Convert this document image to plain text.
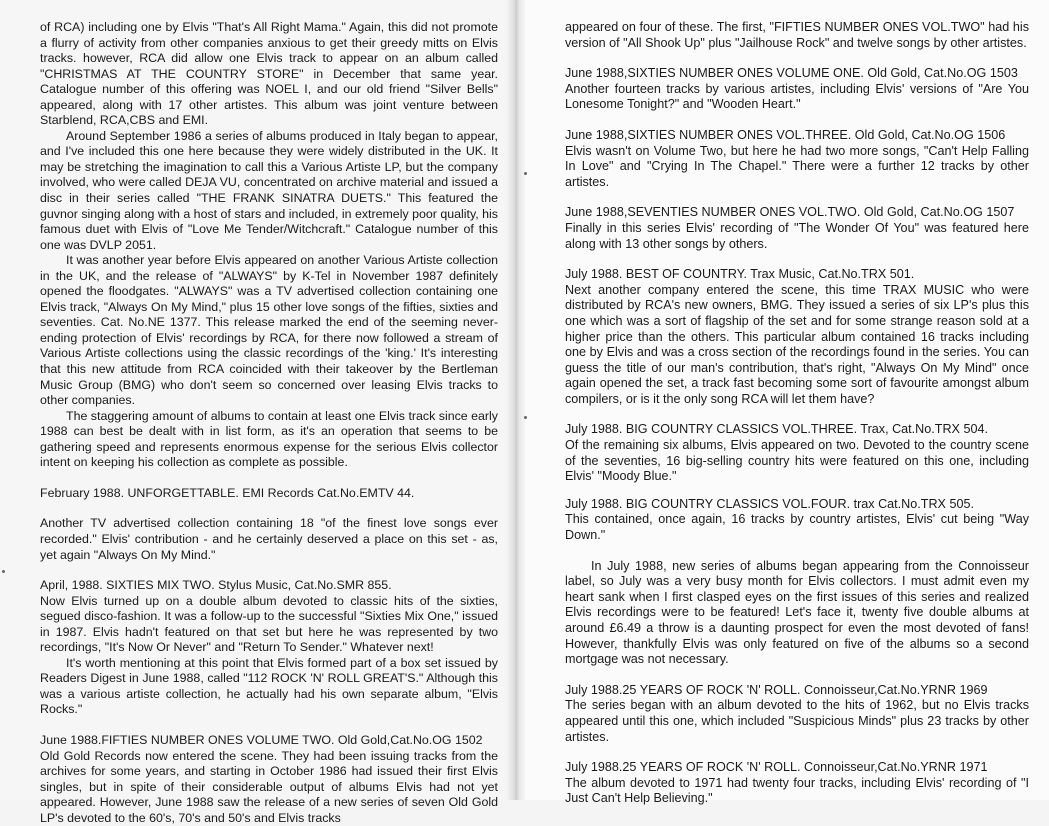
of RCA) including one by Elvis "That's All Right Mama." Again, this did not promote a flurry of activity from other companies anxious to get their greedy mitts on Elvis tracks. however, RCA did allow one Elvis track to appear on an album called "CHRISTMAS AT THE COUNTRY STORE" in December that same year. Catalogue number of this offering was NOEL I, and our old friend "Silver Bells" appeared, along with 17 other artistes. This album was joint venture between Starblend, RCA,CBS and EMI.

Around September 1986 a series of albums produced in Italy began to appear, and I've included this one here because they were widely distributed in the UK. It may be stretching the imagination to call this a Various Artiste LP, but the company involved, who were called DEJA VU, concentrated on archive material and issued a disc in their series called "THE FRANK SINATRA DUETS." This featured the guvnor singing along with a host of stars and included, in extremely poor quality, his famous duet with Elvis of "Love Me Tender/Witchcraft." Catalogue number of this one was DVLP 2051.

It was another year before Elvis appeared on another Various Artiste collection in the UK, and the release of "ALWAYS" by K-Tel in November 1987 definitely opened the floodgates. "ALWAYS" was a TV advertised collection containing one Elvis track, "Always On My Mind," plus 15 other love songs of the fifties, sixties and seventies. Cat. No.NE 1377. This release marked the end of the seeming never-ending protection of Elvis' recordings by RCA, for there now followed a stream of Various Artiste collections using the classic recordings of the 'king.' It's interesting that this new attitude from RCA coincided with their takeover by the Bertleman Music Group (BMG) who don't seem so concerned over leasing Elvis tracks to other companies.

The staggering amount of albums to contain at least one Elvis track since early 1988 can best be dealt with in list form, as it's an operation that seems to be gathering speed and represents enormous expense for the serious Elvis collector intent on keeping his collection as complete as possible.

February 1988. UNFORGETTABLE. EMI Records Cat.No.EMTV 44.

Another TV advertised collection containing 18 "of the finest love songs ever recorded." Elvis' contribution - and he certainly deserved a place on this set - as, yet again "Always On My Mind."

April, 1988. SIXTIES MIX TWO. Stylus Music, Cat.No.SMR 855.

Now Elvis turned up on a double album devoted to classic hits of the sixties, segued disco-fashion. It was a follow-up to the successful "Sixties Mix One," issued in 1987. Elvis hadn't featured on that set but here he was represented by two recordings, "It's Now Or Never" and "Return To Sender." Whatever next!

It's worth mentioning at this point that Elvis formed part of a box set issued by Readers Digest in June 1988, called "112 ROCK 'N' ROLL GREAT'S." Although this was a various artiste collection, he actually had his own separate album, "Elvis Rocks."

June 1988.FIFTIES NUMBER ONES VOLUME TWO. Old Gold,Cat.No.OG 1502

Old Gold Records now entered the scene. They had been issuing tracks from the archives for some years, and starting in October 1986 had issued their first Elvis singles, but in spite of their considerable output of albums Elvis had not yet appeared. However, June 1988 saw the release of a new series of seven Old Gold LP's devoted to the 60's, 70's and 50's and Elvis tracks

appeared on four of these. The first, "FIFTIES NUMBER ONES VOL.TWO" had his version of "All Shook Up" plus "Jailhouse Rock" and twelve songs by other artistes.

June 1988,SIXTIES NUMBER ONES VOLUME ONE. Old Gold, Cat.No.OG 1503

Another fourteen tracks by various artistes, including Elvis' versions of "Are You Lonesome Tonight?" and "Wooden Heart."

June 1988,SIXTIES NUMBER ONES VOL.THREE. Old Gold, Cat.No.OG 1506

Elvis wasn't on Volume Two, but here he had two more songs, "Can't Help Falling In Love" and "Crying In The Chapel." There were a further 12 tracks by other artistes.

June 1988,SEVENTIES NUMBER ONES VOL.TWO. Old Gold, Cat.No.OG 1507

Finally in this series Elvis' recording of "The Wonder Of You" was featured here along with 13 other songs by others.

July 1988. BEST OF COUNTRY. Trax Music, Cat.No.TRX 501.

Next another company entered the scene, this time TRAX MUSIC who were distributed by RCA's new owners, BMG. They issued a series of six LP's plus this one which was a sort of flagship of the set and for some strange reason sold at a higher price than the others. This particular album contained 16 tracks including one by Elvis and was a cross section of the recordings found in the series. You can guess the title of our man's contribution, that's right, "Always On My Mind" once again opened the set, a track fast becoming some sort of favourite amongst album compilers, or is it the only song RCA will let them have?

July 1988. BIG COUNTRY CLASSICS VOL.THREE. Trax, Cat.No.TRX 504.

Of the remaining six albums, Elvis appeared on two. Devoted to the country scene of the seventies, 16 big-selling country hits were featured on this one, including Elvis' "Moody Blue."

July 1988. BIG COUNTRY CLASSICS VOL.FOUR. trax Cat.No.TRX 505.

This contained, once again, 16 tracks by country artistes, Elvis' cut being "Way Down."

In July 1988, new series of albums began appearing from the Connoisseur label, so July was a very busy month for Elvis collectors. I must admit even my heart sank when I first clasped eyes on the first issues of this series and realized Elvis recordings were to be featured! Let's face it, twenty five double albums at around £6.49 a throw is a daunting prospect for even the most devoted of fans! However, thankfully Elvis was only featured on five of the albums so a second mortgage was not necessary.

July 1988.25 YEARS OF ROCK 'N' ROLL. Connoisseur,Cat.No.YRNR 1969

The series began with an album devoted to the hits of 1962, but no Elvis tracks appeared until this one, which included "Suspicious Minds" plus 23 tracks by other artistes.

July 1988.25 YEARS OF ROCK 'N' ROLL. Connoisseur,Cat.No.YRNR 1971

The album devoted to 1971 had twenty four tracks, including Elvis' recording of "I Just Can't Help Believing."
